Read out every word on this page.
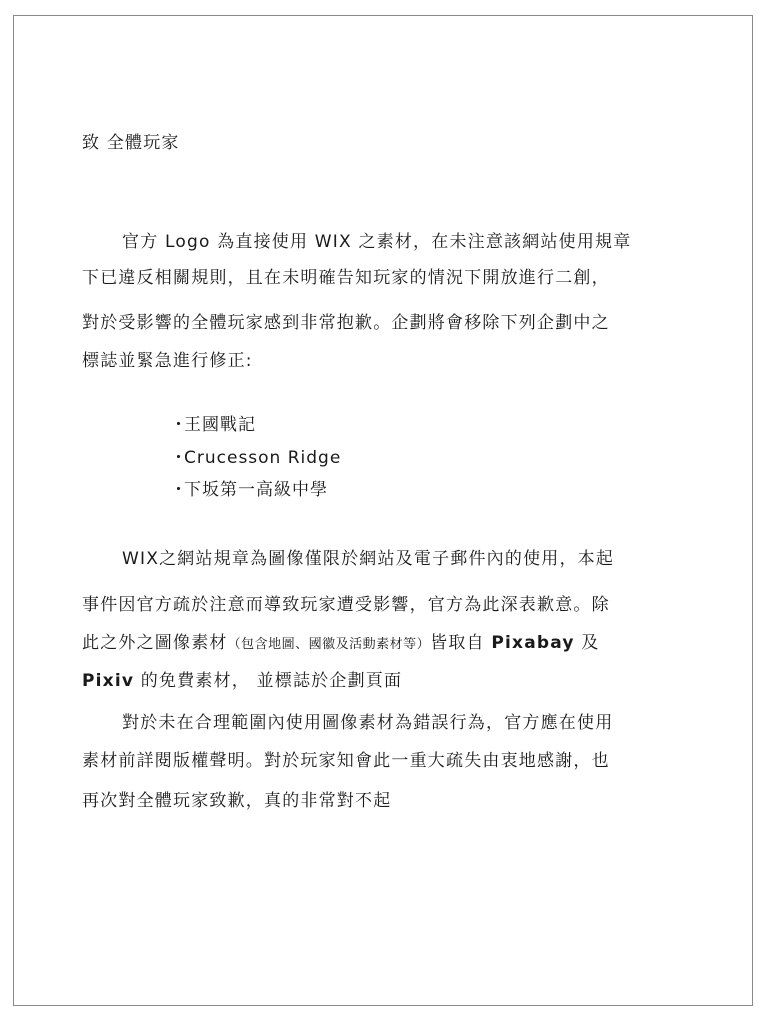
致 全體玩家
官方 Logo 為直接使用 WIX 之素材，在未注意該網站使用規章
下已違反相關規則，且在未明確告知玩家的情況下開放進行二創，
對於受影響的全體玩家感到非常抱歉。企劃將會移除下列企劃中之
標誌並緊急進行修正:
・王國戰記
・Crucesson Ridge
・下坂第一高級中學
WIX之網站規章為圖像僅限於網站及電子郵件內的使用，本起
事件因官方疏於注意而導致玩家遭受影響，官方為此深表歉意。除
此之外之圖像素材（包含地圖、國徽及活動素材等）皆取自 Pixabay 及
Pixiv 的免費素材， 並標誌於企劃頁面
對於未在合理範圍內使用圖像素材為錯誤行為，官方應在使用
素材前詳閱版權聲明。對於玩家知會此一重大疏失由衷地感謝，也
再次對全體玩家致歉，真的非常對不起
